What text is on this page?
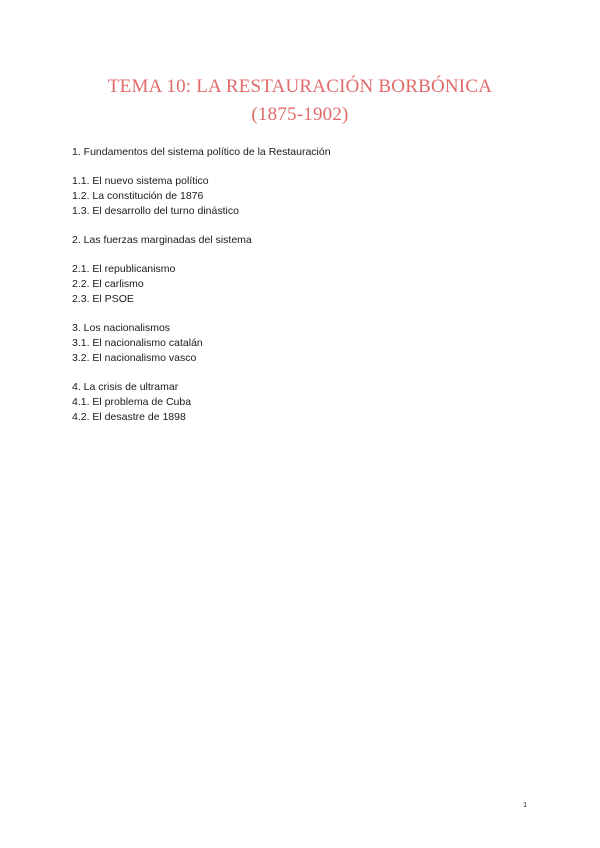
TEMA 10: LA RESTAURACIÓN BORBÓNICA
(1875-1902)
1. Fundamentos del sistema político de la Restauración
1.1. El nuevo sistema político
1.2. La constitución de 1876
1.3. El desarrollo del turno dinástico
2. Las fuerzas marginadas del sistema
2.1. El republicanismo
2.2. El carlismo
2.3. El PSOE
3. Los nacionalismos
3.1. El nacionalismo catalán
3.2. El nacionalismo vasco
4. La crisis de ultramar
4.1. El problema de Cuba
4.2. El desastre de 1898
1
